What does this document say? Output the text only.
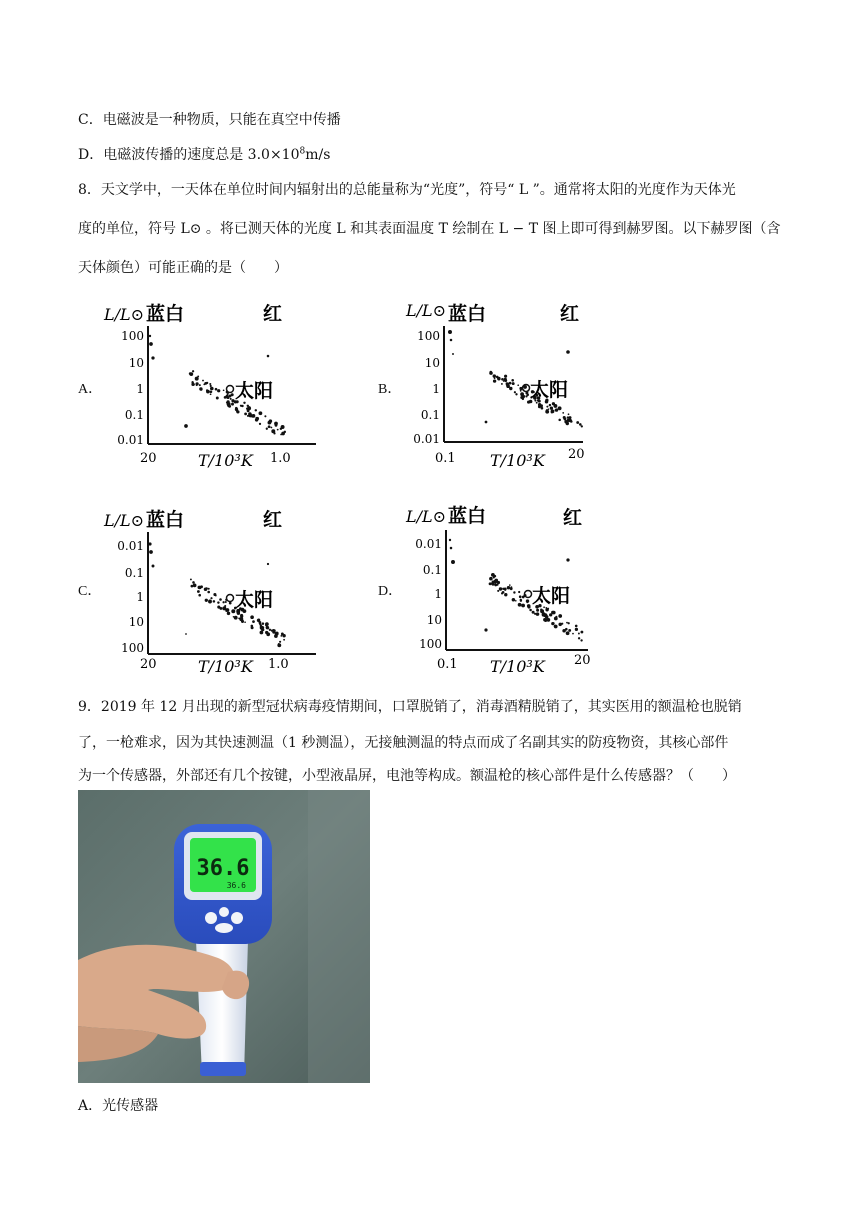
C．电磁波是一种物质，只能在真空中传播
D．电磁波传播的速度总是 $3.0\times 10^8m/s$
8．天文学中，一天体在单位时间内辐射出的总能量称为“光度”，符号“ L ”。通常将太阳的光度作为天体光
度的单位，符号 L⊙ 。将已测天体的光度 L 和其表面温度 T 绘制在 L − T 图上即可得到赫罗图。以下赫罗图（含
天体颜色）可能正确的是（　　）
A．	B．
C．	D．
L/L⊙ 蓝白	红
100
10
1
0.1
0.01
20	1.0
T/10³K
太阳
L/L⊙ 蓝白	红
100
10
1
0.1
0.01
0.1	20
T/10³K
太阳
L/L⊙ 蓝白	红
0.01
0.1
1
10
100
20	1.0
T/10³K
太阳
L/L⊙ 蓝白	红
0.01
0.1
1
10
100
0.1	20
T/10³K
太阳
9．2019 年 12 月出现的新型冠状病毒疫情期间，口罩脱销了，消毒酒精脱销了，其实医用的额温枪也脱销
了，一枪难求，因为其快速测温（1 秒测温），无接触测温的特点而成了名副其实的防疫物资，其核心部件
为一个传感器，外部还有几个按键，小型液晶屏，电池等构成。额温枪的核心部件是什么传感器？（　　）
36.6
36.6
A．光传感器
